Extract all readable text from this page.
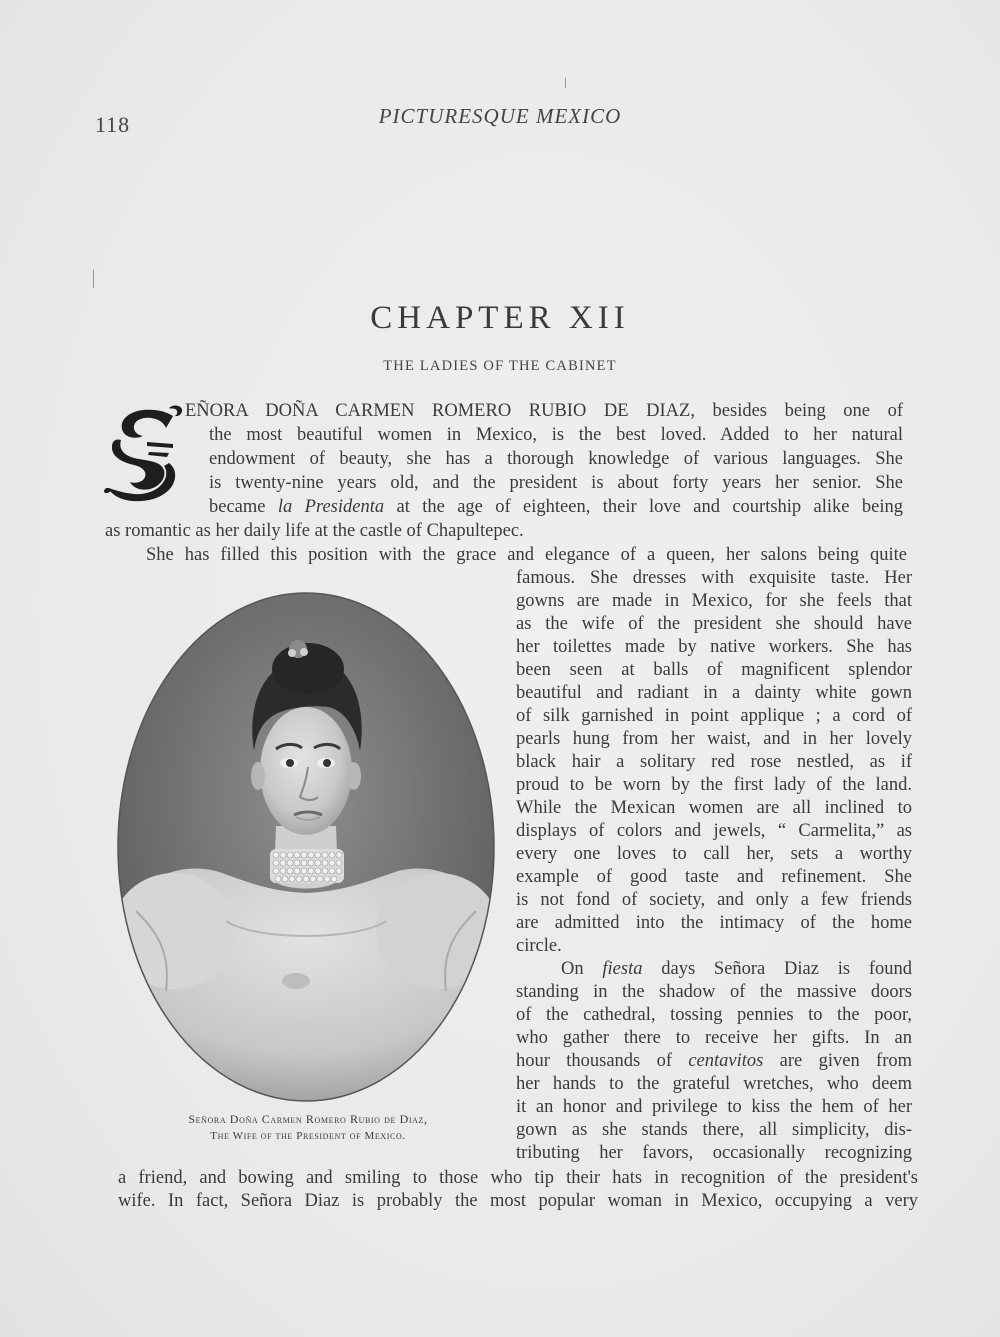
118	PICTURESQUE MEXICO
CHAPTER XII
THE LADIES OF THE CABINET
EÑORA DOÑA CARMEN ROMERO RUBIO DE DIAZ, besides being one of
the most beautiful women in Mexico, is the best loved. Added to her natural
endowment of beauty, she has a thorough knowledge of various languages. She
is twenty-nine years old, and the president is about forty years her senior. She
became la Presidenta at the age of eighteen, their love and courtship alike being
as romantic as her daily life at the castle of Chapultepec.
She has filled this position with the grace and elegance of a queen, her salons being quite
famous. She dresses with exquisite taste. Her
gowns are made in Mexico, for she feels that
as the wife of the president she should have
her toilettes made by native workers. She has
been seen at balls of magnificent splendor
beautiful and radiant in a dainty white gown
of silk garnished in point applique ; a cord of
pearls hung from her waist, and in her lovely
black hair a solitary red rose nestled, as if
proud to be worn by the first lady of the land.
While the Mexican women are all inclined to
displays of colors and jewels, “ Carmelita,” as
every one loves to call her, sets a worthy
example of good taste and refinement. She
is not fond of society, and only a few friends
are admitted into the intimacy of the home
circle.
On fiesta days Señora Diaz is found
standing in the shadow of the massive doors
of the cathedral, tossing pennies to the poor,
who gather there to receive her gifts. In an
hour thousands of centavitos are given from
her hands to the grateful wretches, who deem
it an honor and privilege to kiss the hem of her
gown as she stands there, all simplicity, dis-
tributing her favors, occasionally recognizing
a friend, and bowing and smiling to those who tip their hats in recognition of the president's
wife. In fact, Señora Diaz is probably the most popular woman in Mexico, occupying a very
Señora Doña Carmen Romero Rubio de Diaz,
The Wife of the President of Mexico.
